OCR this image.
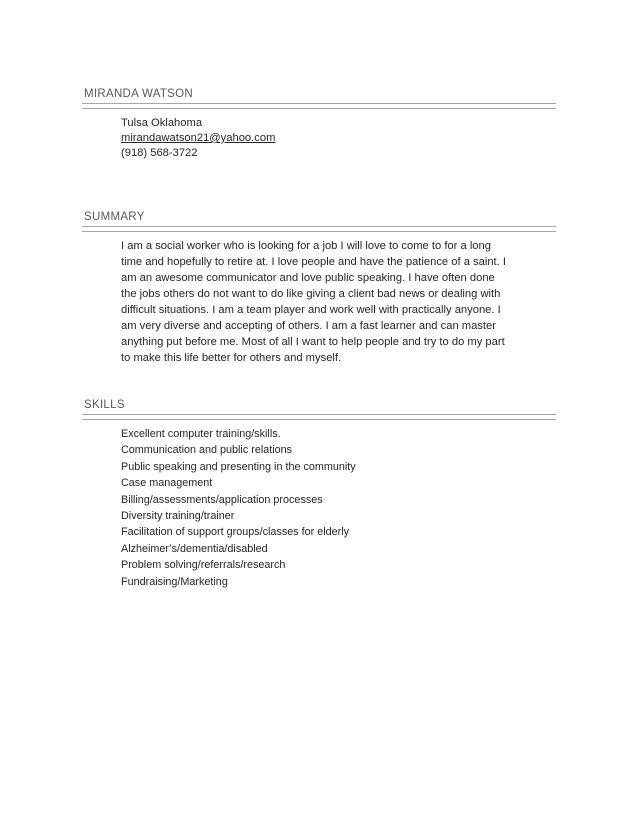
MIRANDA WATSON
Tulsa Oklahoma
mirandawatson21@yahoo.com
(918) 568-3722
SUMMARY
I am a social worker who is looking for a job I will love to come to for a long
time and hopefully to retire at. I love people and have the patience of a saint. I
am an awesome communicator and love public speaking. I have often done
the jobs others do not want to do like giving a client bad news or dealing with
difficult situations. I am a team player and work well with practically anyone. I
am very diverse and accepting of others. I am a fast learner and can master
anything put before me. Most of all I want to help people and try to do my part
to make this life better for others and myself.
SKILLS
Excellent computer training/skills.
Communication and public relations
Public speaking and presenting in the community
Case management
Billing/assessments/application processes
Diversity training/trainer
Facilitation of support groups/classes for elderly
Alzheimer’s/dementia/disabled
Problem solving/referrals/research
Fundraising/Marketing
